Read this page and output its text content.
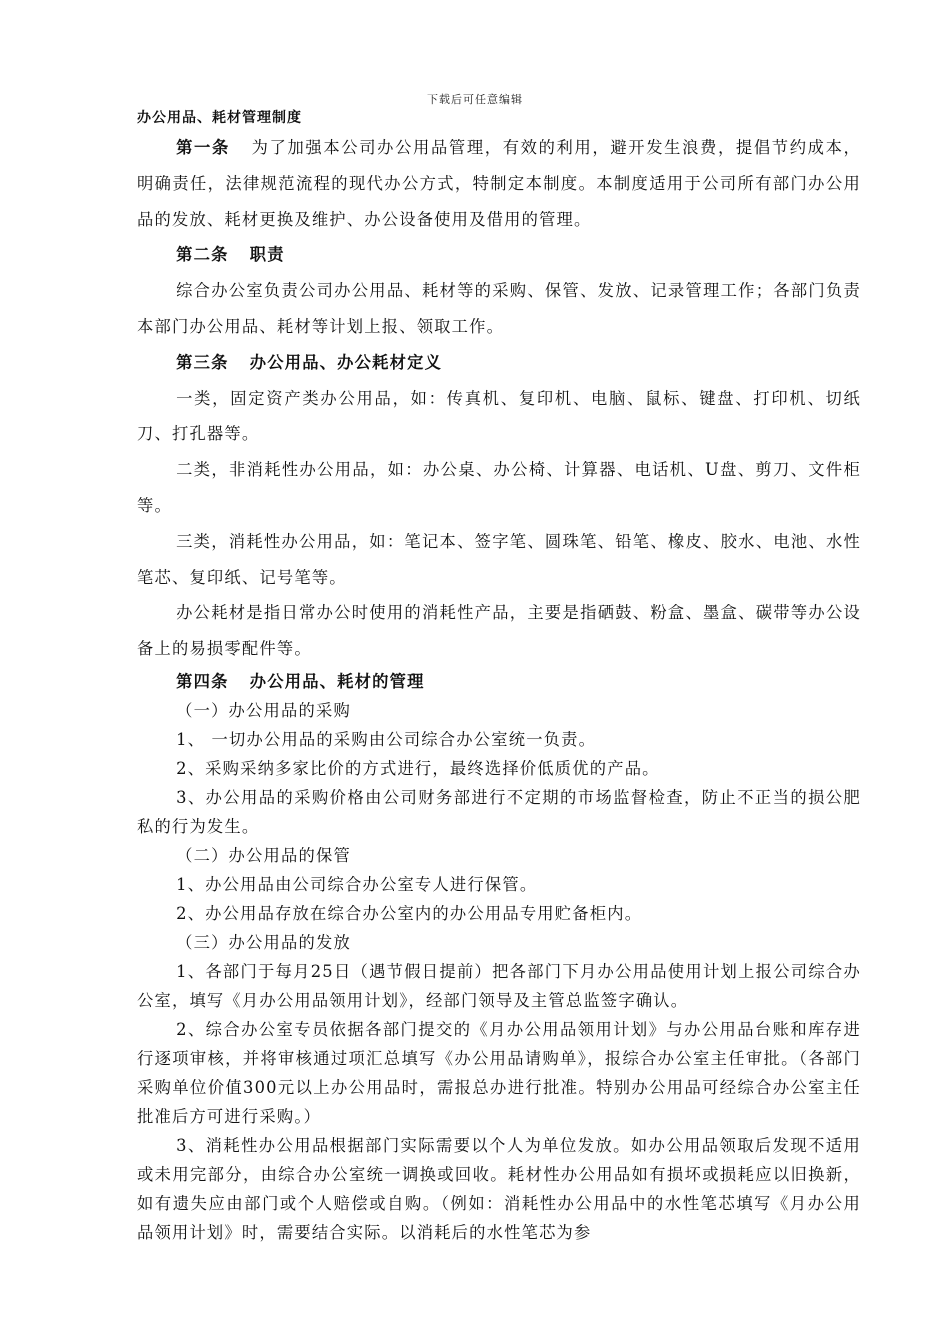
下载后可任意编辑
办公用品、耗材管理制度

第一条 为了加强本公司办公用品管理，有效的利用，避开发生浪费，提倡节约成本，明确责任，法律规范流程的现代办公方式，特制定本制度。本制度适用于公司所有部门办公用品的发放、耗材更换及维护、办公设备使用及借用的管理。

第二条 职责

综合办公室负责公司办公用品、耗材等的采购、保管、发放、记录管理工作；各部门负责本部门办公用品、耗材等计划上报、领取工作。

第三条 办公用品、办公耗材定义

一类，固定资产类办公用品，如：传真机、复印机、电脑、鼠标、键盘、打印机、切纸刀、打孔器等。

二类，非消耗性办公用品，如：办公桌、办公椅、计算器、电话机、U盘、剪刀、文件柜等。

三类，消耗性办公用品，如：笔记本、签字笔、圆珠笔、铅笔、橡皮、胶水、电池、水性笔芯、复印纸、记号笔等。

办公耗材是指日常办公时使用的消耗性产品，主要是指硒鼓、粉盒、墨盒、碳带等办公设备上的易损零配件等。

第四条 办公用品、耗材的管理

（一）办公用品的采购

1、 一切办公用品的采购由公司综合办公室统一负责。

2、采购采纳多家比价的方式进行，最终选择价低质优的产品。

3、办公用品的采购价格由公司财务部进行不定期的市场监督检查，防止不正当的损公肥私的行为发生。

（二）办公用品的保管

1、办公用品由公司综合办公室专人进行保管。

2、办公用品存放在综合办公室内的办公用品专用贮备柜内。

（三）办公用品的发放

1、各部门于每月25日（遇节假日提前）把各部门下月办公用品使用计划上报公司综合办公室，填写《月办公用品领用计划》，经部门领导及主管总监签字确认。

2、综合办公室专员依据各部门提交的《月办公用品领用计划》与办公用品台账和库存进行逐项审核，并将审核通过项汇总填写《办公用品请购单》，报综合办公室主任审批。（各部门采购单位价值300元以上办公用品时，需报总办进行批准。特别办公用品可经综合办公室主任批准后方可进行采购。）

3、消耗性办公用品根据部门实际需要以个人为单位发放。如办公用品领取后发现不适用或未用完部分，由综合办公室统一调换或回收。耗材性办公用品如有损坏或损耗应以旧换新，如有遗失应由部门或个人赔偿或自购。（例如：消耗性办公用品中的水性笔芯填写《月办公用品领用计划》时，需要结合实际。以消耗后的水性笔芯为参
